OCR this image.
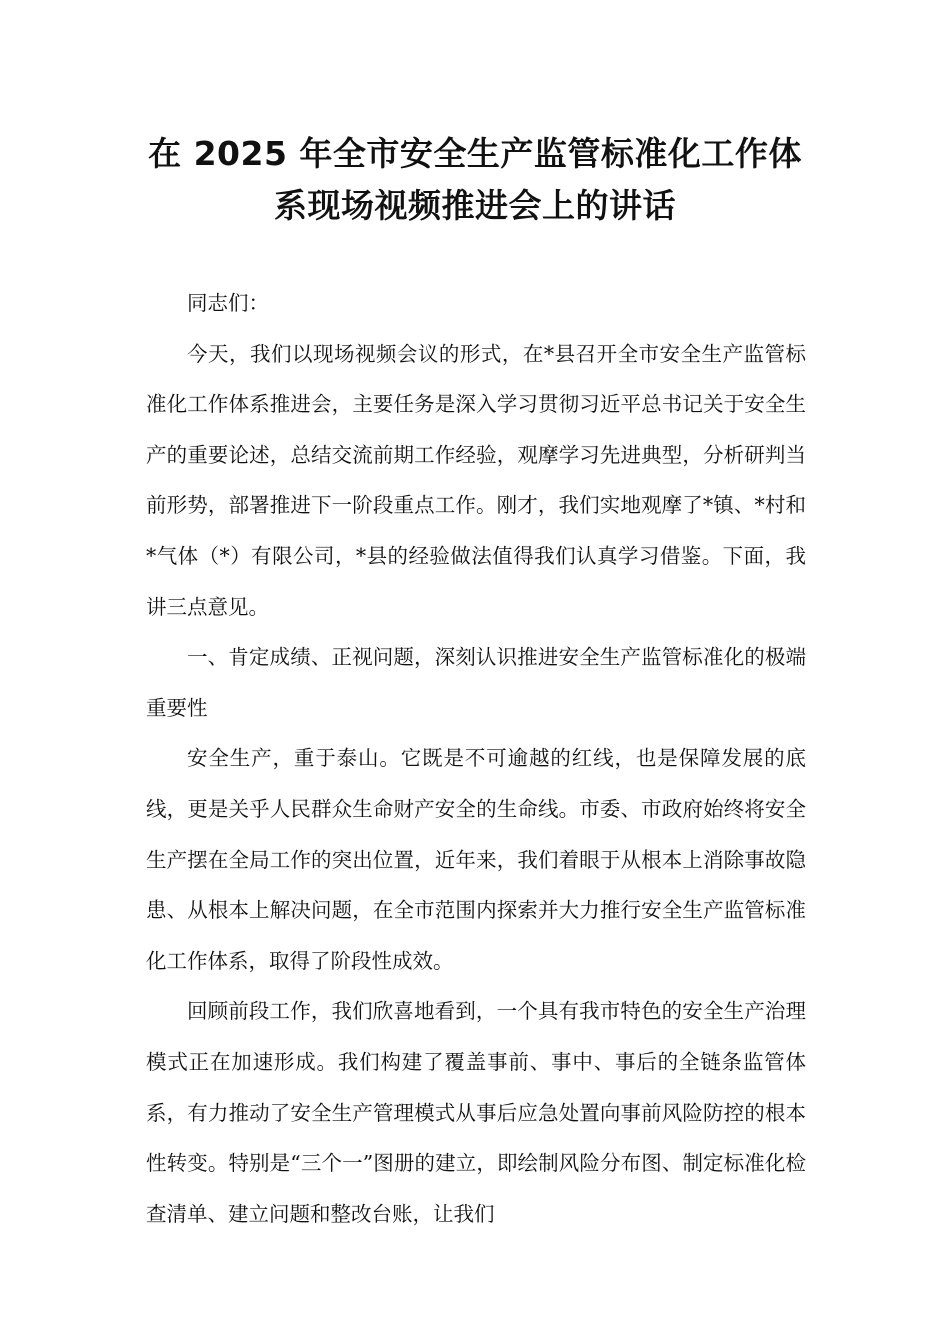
在 2025 年全市安全生产监管标准化工作体
系现场视频推进会上的讲话

同志们：

今天，我们以现场视频会议的形式，在*县召开全市安全生产监管标准化工作体系推进会，主要任务是深入学习贯彻习近平总书记关于安全生产的重要论述，总结交流前期工作经验，观摩学习先进典型，分析研判当前形势，部署推进下一阶段重点工作。刚才，我们实地观摩了*镇、*村和*气体（*）有限公司，*县的经验做法值得我们认真学习借鉴。下面，我讲三点意见。

一、肯定成绩、正视问题，深刻认识推进安全生产监管标准化的极端重要性

安全生产，重于泰山。它既是不可逾越的红线，也是保障发展的底线，更是关乎人民群众生命财产安全的生命线。市委、市政府始终将安全生产摆在全局工作的突出位置，近年来，我们着眼于从根本上消除事故隐患、从根本上解决问题，在全市范围内探索并大力推行安全生产监管标准化工作体系，取得了阶段性成效。

回顾前段工作，我们欣喜地看到，一个具有我市特色的安全生产治理模式正在加速形成。我们构建了覆盖事前、事中、事后的全链条监管体系，有力推动了安全生产管理模式从事后应急处置向事前风险防控的根本性转变。特别是“三个一”图册的建立，即绘制风险分布图、制定标准化检查清单、建立问题和整改台账，让我们
